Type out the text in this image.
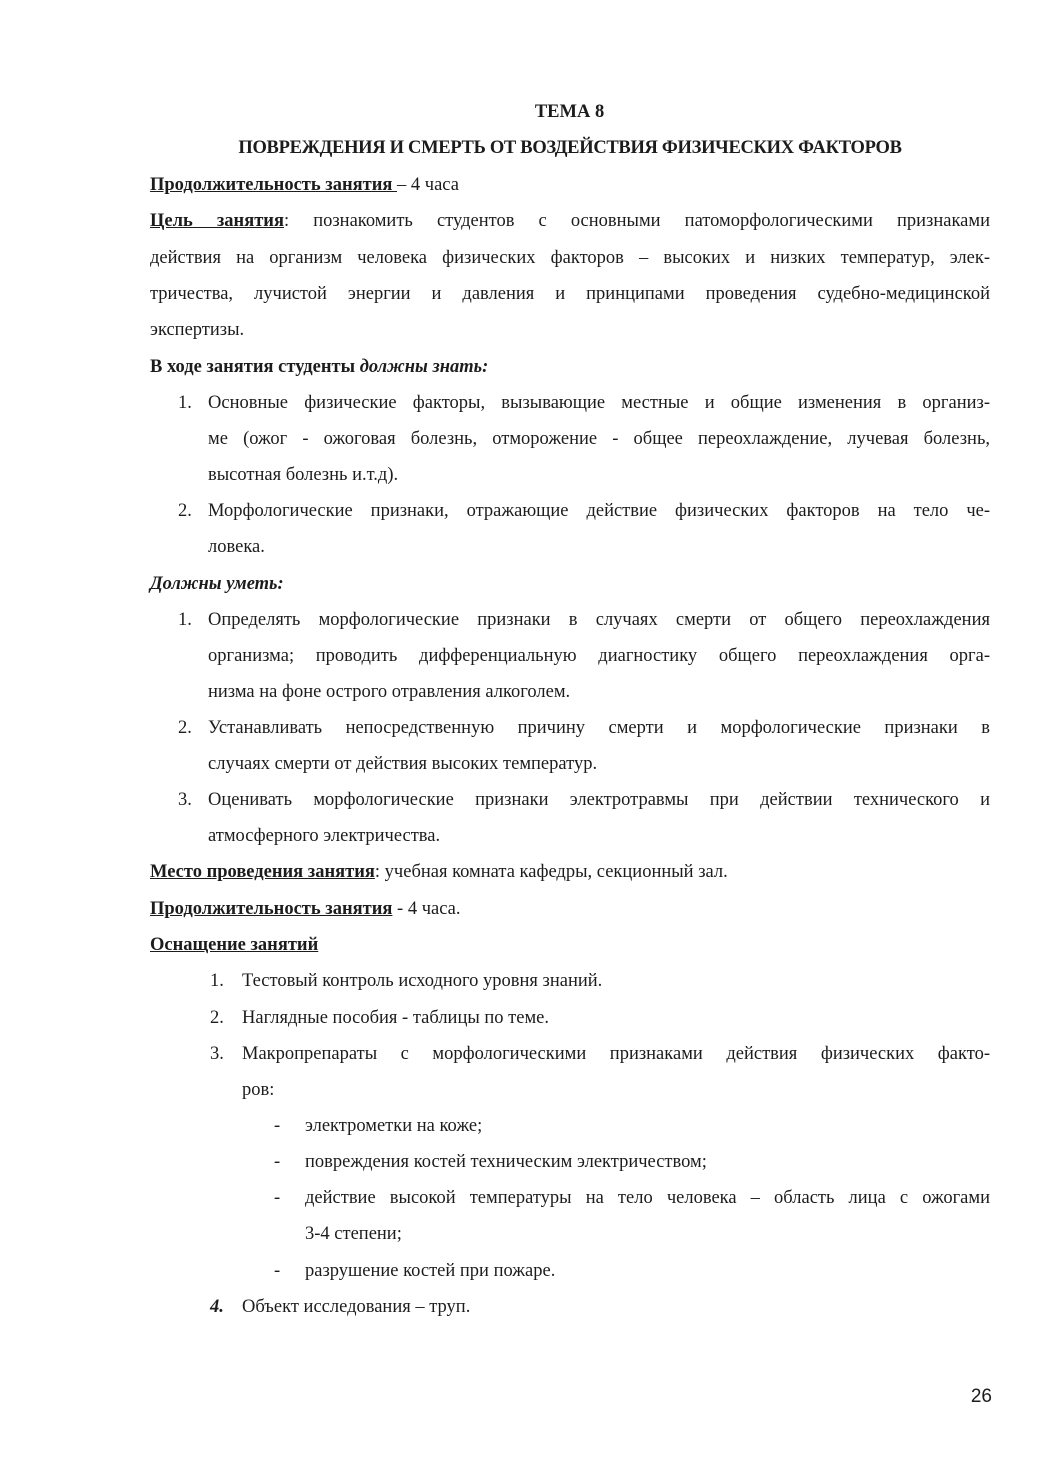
ТЕМА 8
ПОВРЕЖДЕНИЯ И СМЕРТЬ ОТ ВОЗДЕЙСТВИЯ ФИЗИЧЕСКИХ ФАКТОРОВ
Продолжительность занятия – 4 часа
Цель занятия: познакомить студентов с основными патоморфологическими признаками
действия на организм человека физических факторов – высоких и низких температур, элек-
тричества, лучистой энергии и давления и принципами проведения судебно-медицинской
экспертизы.
В ходе занятия студенты должны знать:
1. Основные физические факторы, вызывающие местные и общие изменения в организ-
ме (ожог - ожоговая болезнь, отморожение - общее переохлаждение, лучевая болезнь,
высотная болезнь и.т.д).
2. Морфологические признаки, отражающие действие физических факторов на тело че-
ловека.
Должны уметь:
1. Определять морфологические признаки в случаях смерти от общего переохлаждения
организма; проводить дифференциальную диагностику общего переохлаждения орга-
низма на фоне острого отравления алкоголем.
2. Устанавливать непосредственную причину смерти и морфологические признаки в
случаях смерти от действия высоких температур.
3. Оценивать морфологические признаки электротравмы при действии технического и
атмосферного электричества.
Место проведения занятия: учебная комната кафедры, секционный зал.
Продолжительность занятия - 4 часа.
Оснащение занятий
1. Тестовый контроль исходного уровня знаний.
2. Наглядные пособия - таблицы по теме.
3. Макропрепараты с морфологическими признаками действия физических факто-
ров:
- электрометки на коже;
- повреждения костей техническим электричеством;
- действие высокой температуры на тело человека – область лица с ожогами
3-4 степени;
- разрушение костей при пожаре.
4. Объект исследования – труп.
26
